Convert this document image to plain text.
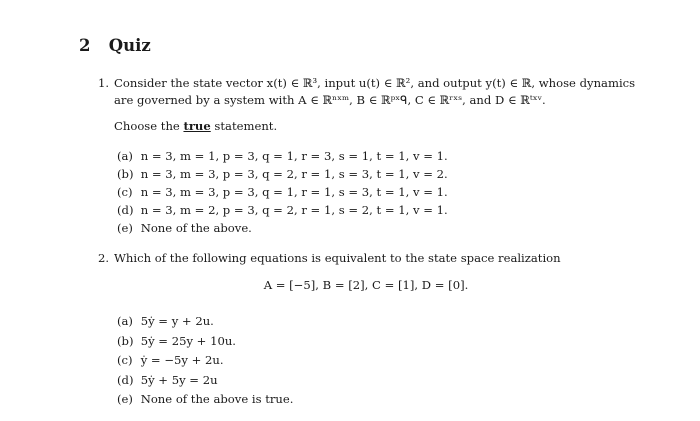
2 Quiz
1. Consider the state vector x(t) ∈ ℝ³, input u(t) ∈ ℝ², and output y(t) ∈ ℝ, whose dynamics
are governed by a system with A ∈ ℝⁿˣᵐ, B ∈ ℝᵖˣᑫ, C ∈ ℝʳˣˢ, and D ∈ ℝᵗˣᵛ.
Choose the true statement.
(a) n = 3, m = 1, p = 3, q = 1, r = 3, s = 1, t = 1, v = 1.
(b) n = 3, m = 3, p = 3, q = 2, r = 1, s = 3, t = 1, v = 2.
(c) n = 3, m = 3, p = 3, q = 1, r = 1, s = 3, t = 1, v = 1.
(d) n = 3, m = 2, p = 3, q = 2, r = 1, s = 2, t = 1, v = 1.
(e) None of the above.
2. Which of the following equations is equivalent to the state space realization
A = [−5], B = [2], C = [1], D = [0].
(a) 5ẏ = y + 2u.
(b) 5ẏ = 25y + 10u.
(c) ẏ = −5y + 2u.
(d) 5ẏ + 5y = 2u
(e) None of the above is true.
